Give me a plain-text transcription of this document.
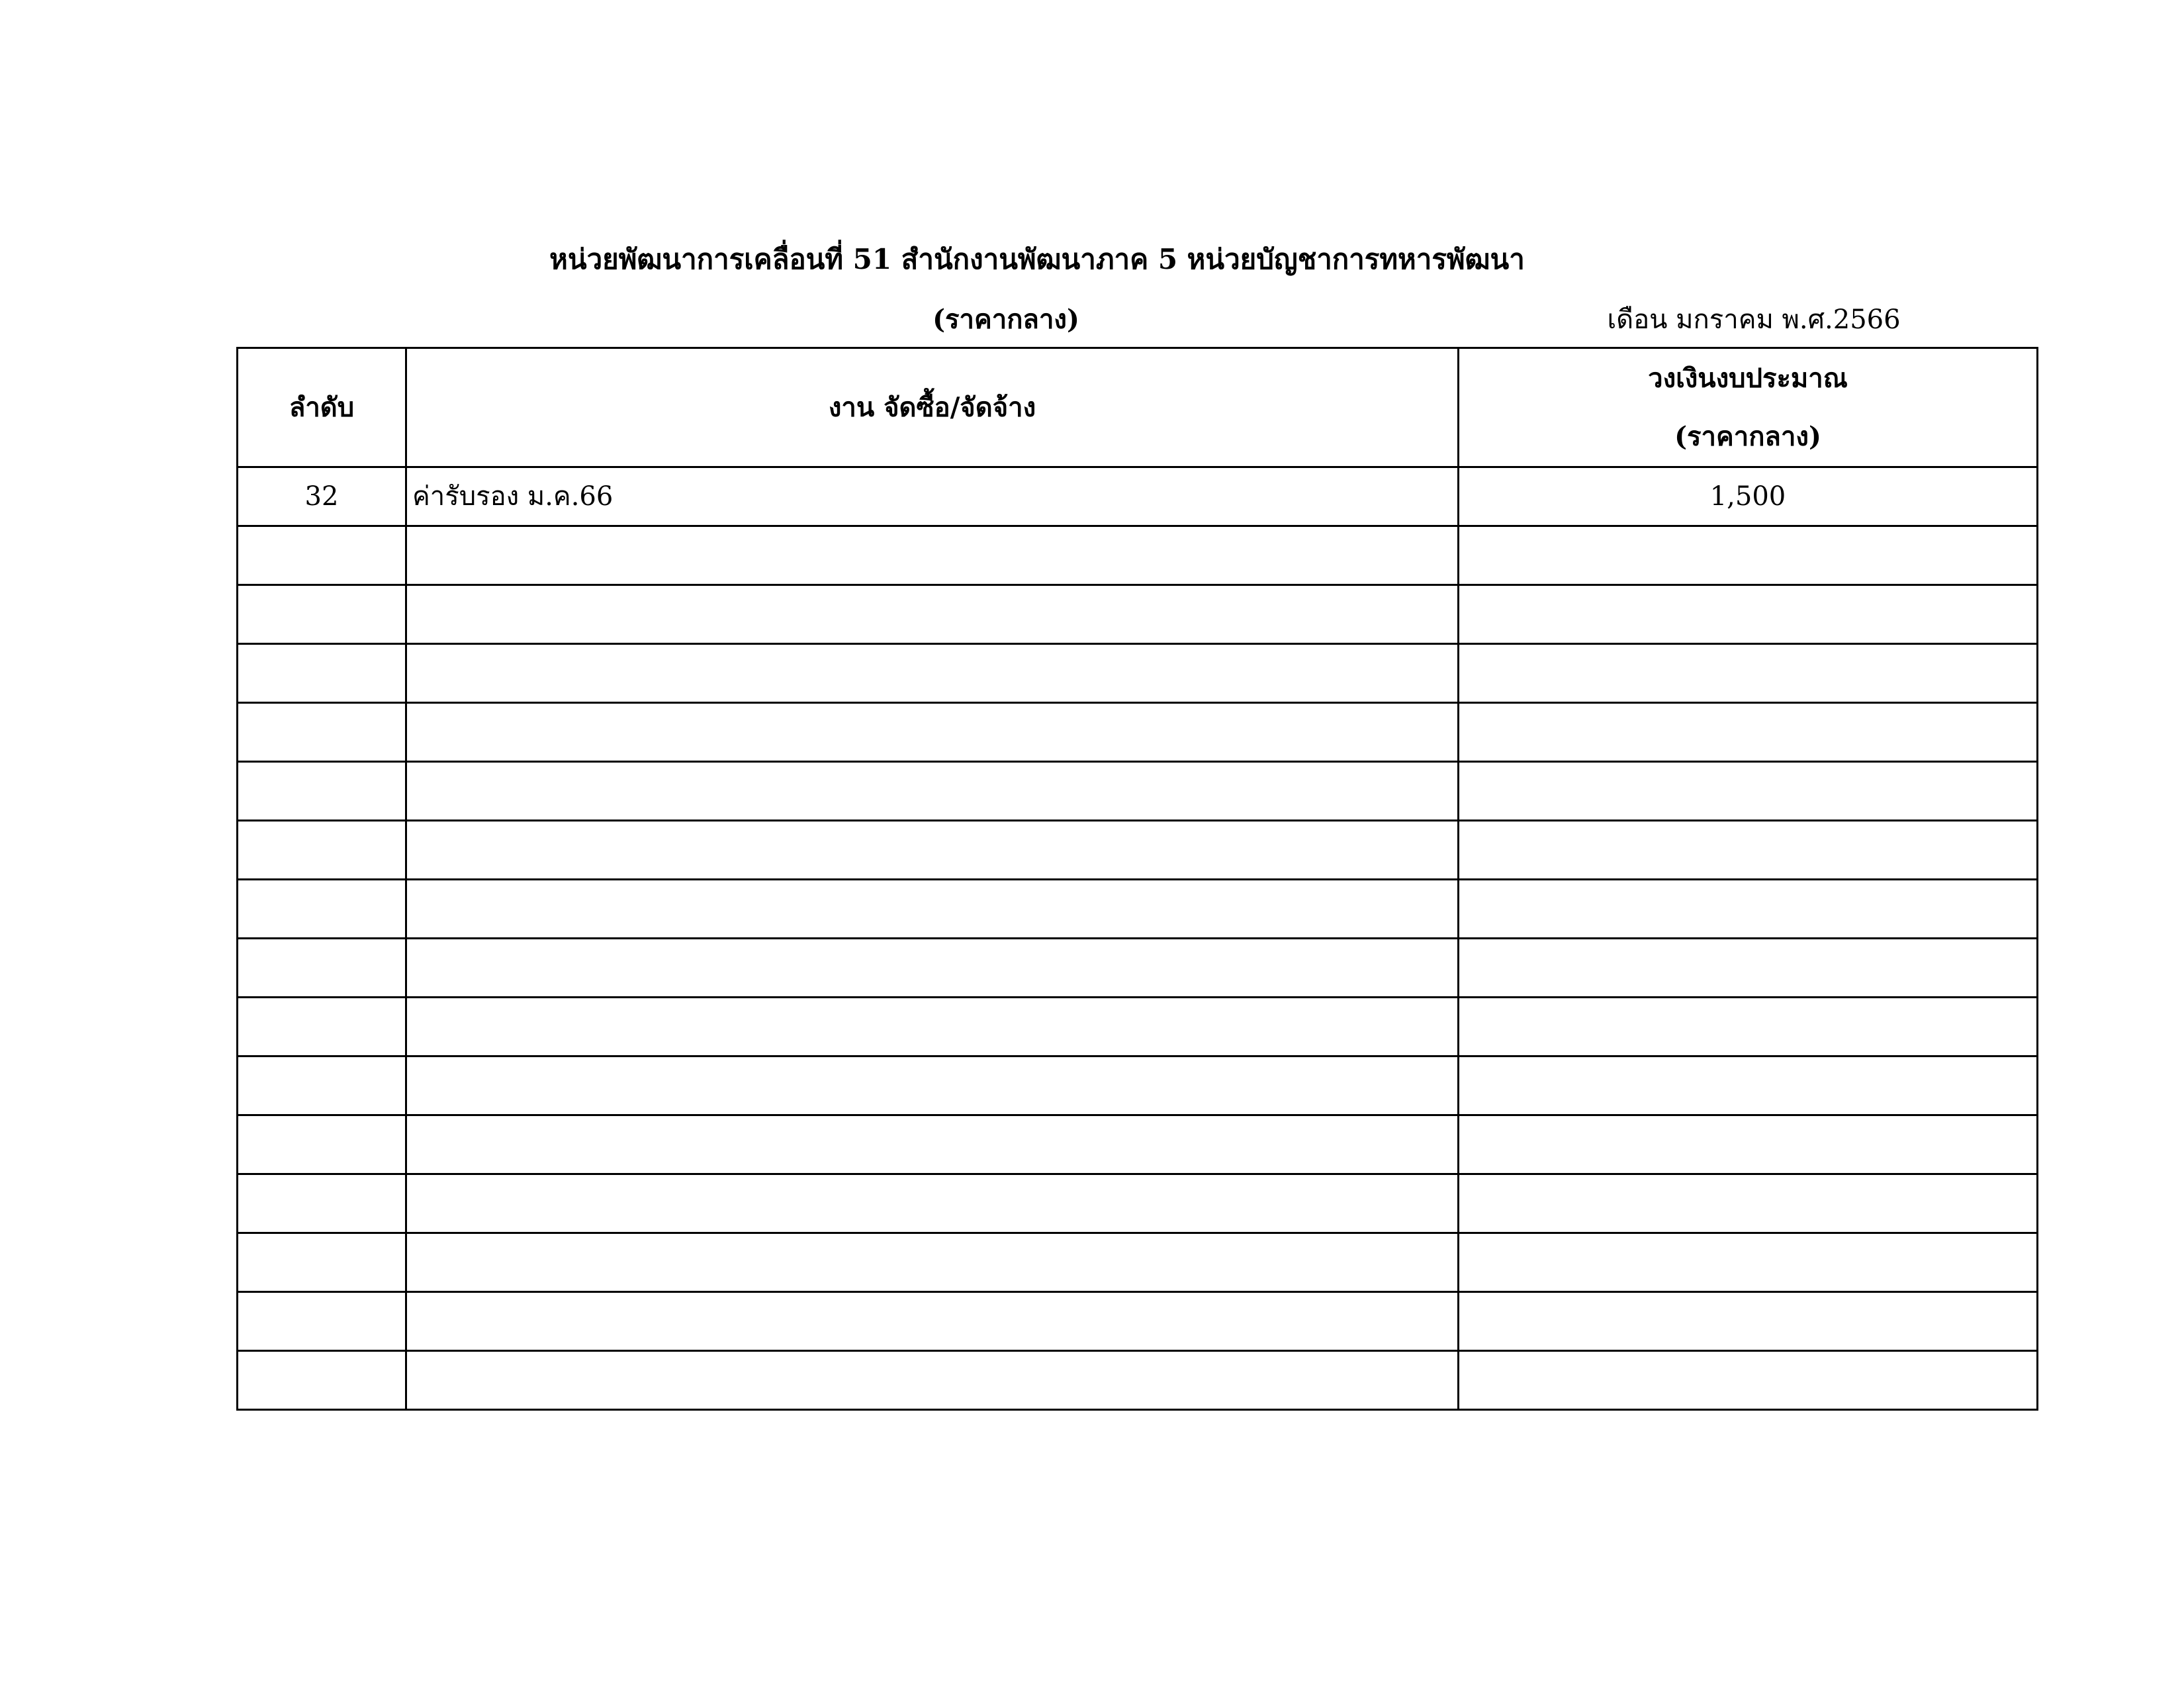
หน่วยพัฒนาการเคลื่อนที่ 51 สำนักงานพัฒนาภาค 5 หน่วยบัญชาการทหารพัฒนา
(ราคากลาง)	เดือน มกราคม พ.ศ.2566
ลำดับ	งาน จัดซื้อ/จัดจ้าง	วงเงินงบประมาณ
(ราคากลาง)

32	ค่ารับรอง ม.ค.66	1,500
